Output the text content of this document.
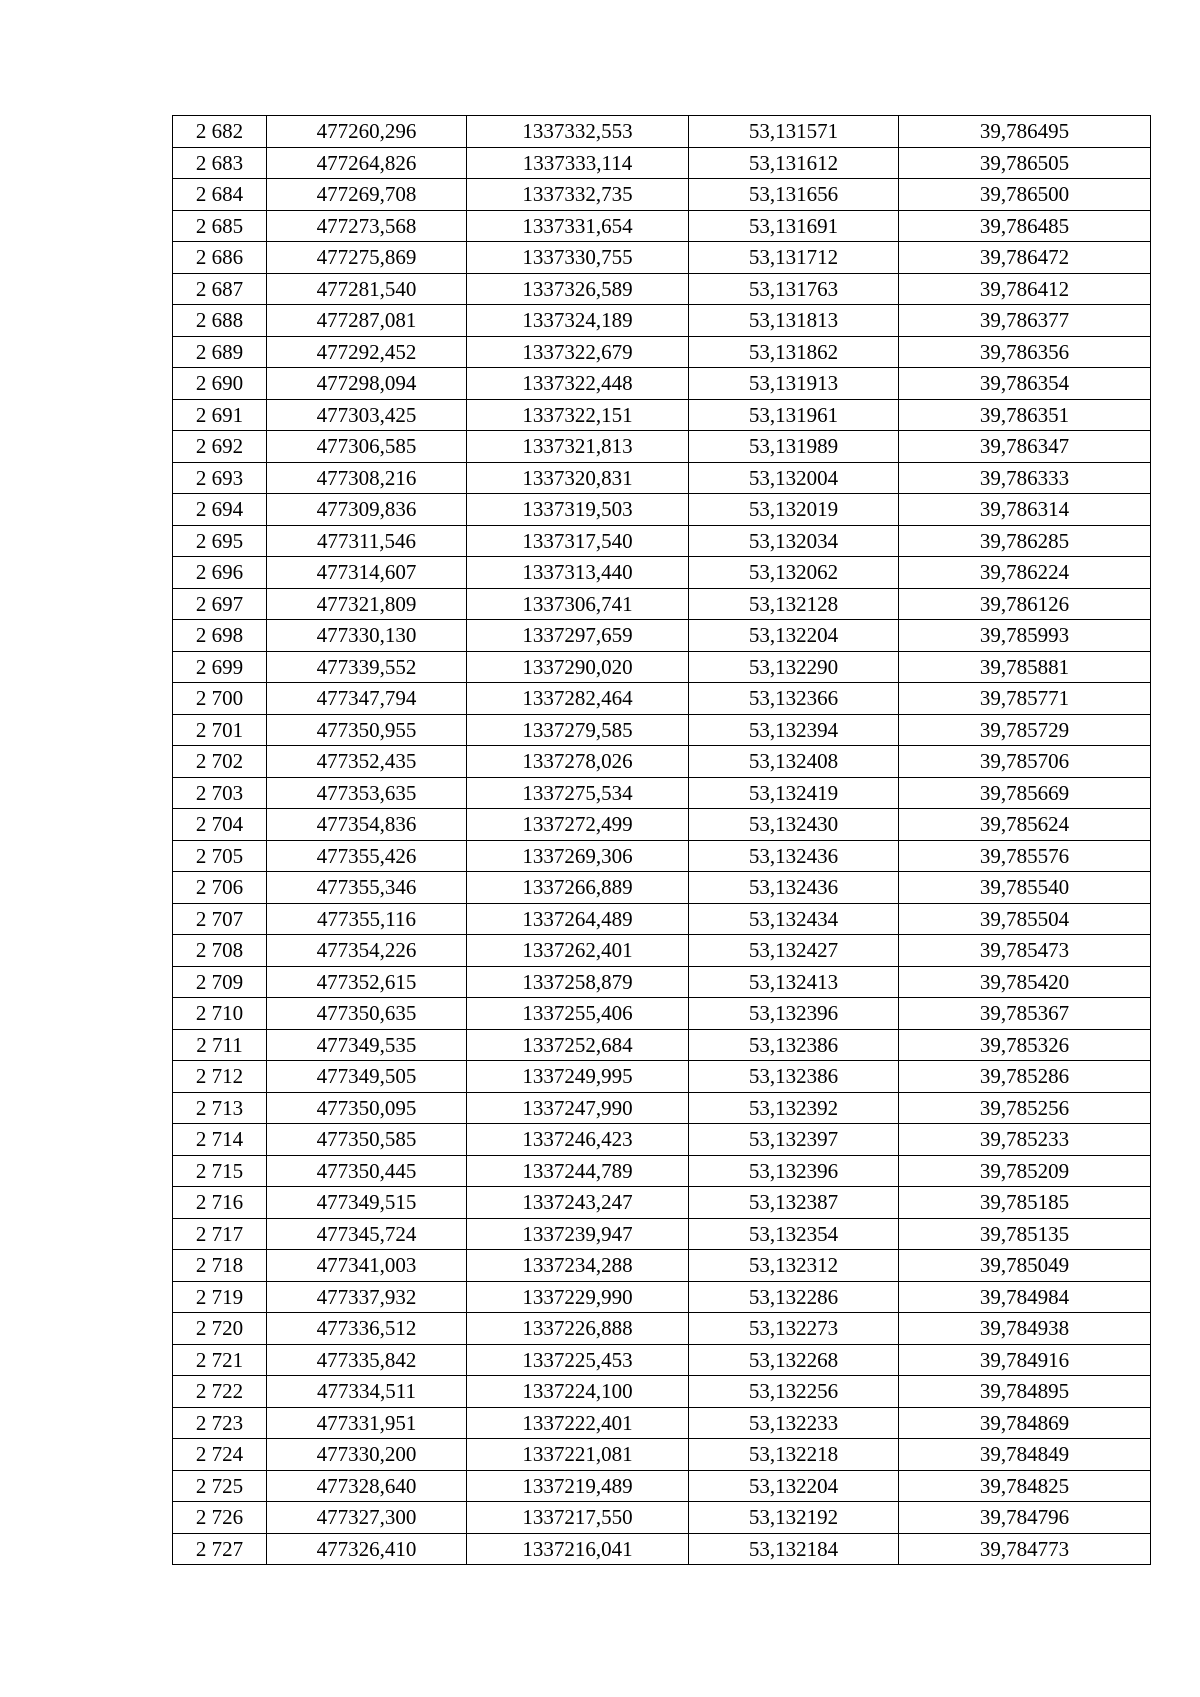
2 682	477260,296	1337332,553	53,131571	39,786495
2 683	477264,826	1337333,114	53,131612	39,786505
2 684	477269,708	1337332,735	53,131656	39,786500
2 685	477273,568	1337331,654	53,131691	39,786485
2 686	477275,869	1337330,755	53,131712	39,786472
2 687	477281,540	1337326,589	53,131763	39,786412
2 688	477287,081	1337324,189	53,131813	39,786377
2 689	477292,452	1337322,679	53,131862	39,786356
2 690	477298,094	1337322,448	53,131913	39,786354
2 691	477303,425	1337322,151	53,131961	39,786351
2 692	477306,585	1337321,813	53,131989	39,786347
2 693	477308,216	1337320,831	53,132004	39,786333
2 694	477309,836	1337319,503	53,132019	39,786314
2 695	477311,546	1337317,540	53,132034	39,786285
2 696	477314,607	1337313,440	53,132062	39,786224
2 697	477321,809	1337306,741	53,132128	39,786126
2 698	477330,130	1337297,659	53,132204	39,785993
2 699	477339,552	1337290,020	53,132290	39,785881
2 700	477347,794	1337282,464	53,132366	39,785771
2 701	477350,955	1337279,585	53,132394	39,785729
2 702	477352,435	1337278,026	53,132408	39,785706
2 703	477353,635	1337275,534	53,132419	39,785669
2 704	477354,836	1337272,499	53,132430	39,785624
2 705	477355,426	1337269,306	53,132436	39,785576
2 706	477355,346	1337266,889	53,132436	39,785540
2 707	477355,116	1337264,489	53,132434	39,785504
2 708	477354,226	1337262,401	53,132427	39,785473
2 709	477352,615	1337258,879	53,132413	39,785420
2 710	477350,635	1337255,406	53,132396	39,785367
2 711	477349,535	1337252,684	53,132386	39,785326
2 712	477349,505	1337249,995	53,132386	39,785286
2 713	477350,095	1337247,990	53,132392	39,785256
2 714	477350,585	1337246,423	53,132397	39,785233
2 715	477350,445	1337244,789	53,132396	39,785209
2 716	477349,515	1337243,247	53,132387	39,785185
2 717	477345,724	1337239,947	53,132354	39,785135
2 718	477341,003	1337234,288	53,132312	39,785049
2 719	477337,932	1337229,990	53,132286	39,784984
2 720	477336,512	1337226,888	53,132273	39,784938
2 721	477335,842	1337225,453	53,132268	39,784916
2 722	477334,511	1337224,100	53,132256	39,784895
2 723	477331,951	1337222,401	53,132233	39,784869
2 724	477330,200	1337221,081	53,132218	39,784849
2 725	477328,640	1337219,489	53,132204	39,784825
2 726	477327,300	1337217,550	53,132192	39,784796
2 727	477326,410	1337216,041	53,132184	39,784773
